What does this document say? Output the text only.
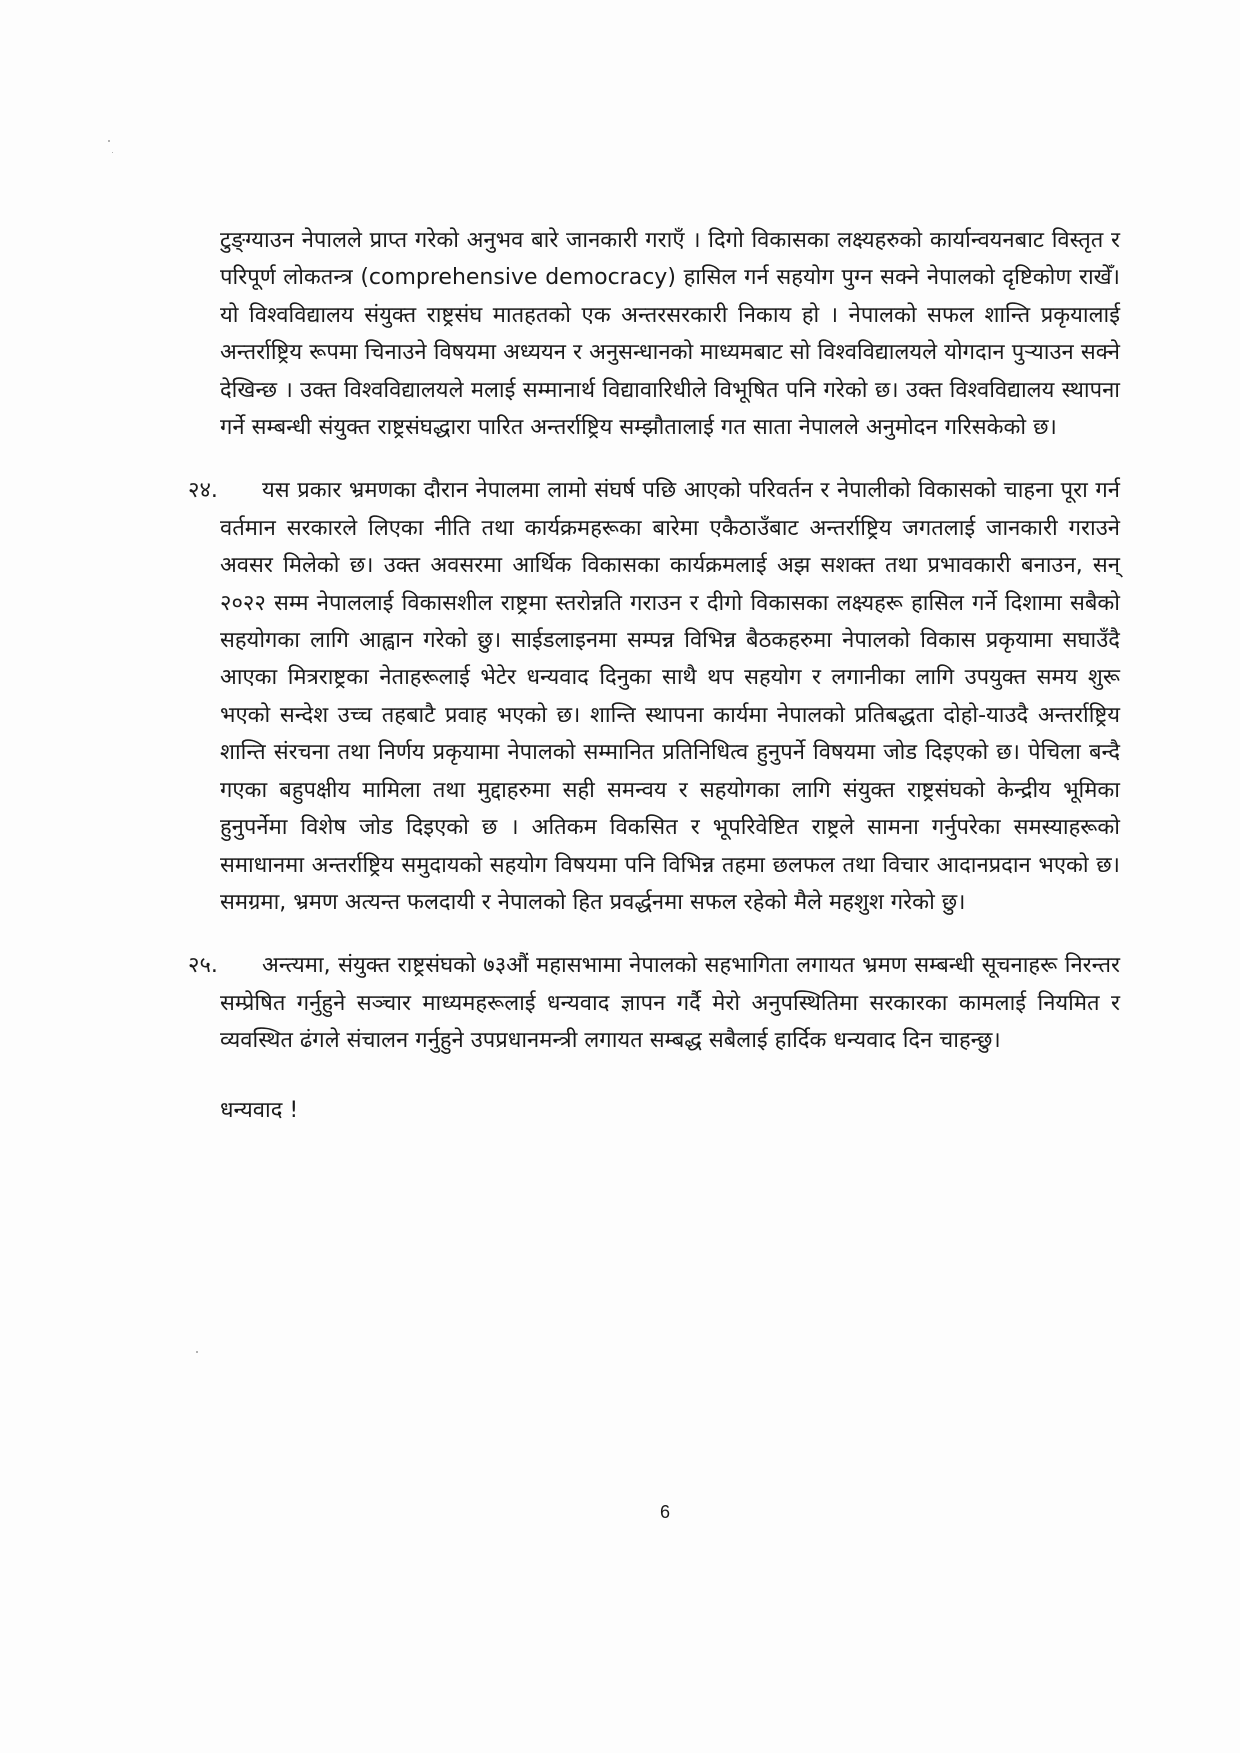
टुङ्ग्याउन नेपालले प्राप्त गरेको अनुभव बारे जानकारी गराएँ । दिगो विकासका लक्ष्यहरुको कार्यान्वयनबाट विस्तृत र परिपूर्ण लोकतन्त्र (comprehensive democracy) हासिल गर्न सहयोग पुग्न सक्ने नेपालको दृष्टिकोण राखेँ। यो विश्वविद्यालय संयुक्त राष्ट्रसंघ मातहतको एक अन्तरसरकारी निकाय हो । नेपालको सफल शान्ति प्रकृयालाई अन्तर्राष्ट्रिय रूपमा चिनाउने विषयमा अध्ययन र अनुसन्धानको माध्यमबाट सो विश्वविद्यालयले योगदान पुऱ्याउन सक्ने देखिन्छ । उक्त विश्वविद्यालयले मलाई सम्मानार्थ विद्यावारिधीले विभूषित पनि गरेको छ। उक्त विश्वविद्यालय स्थापना गर्ने सम्बन्धी संयुक्त राष्ट्रसंघद्धारा पारित अन्तर्राष्ट्रिय सम्झौतालाई गत साता नेपालले अनुमोदन गरिसकेको छ।

२४.	यस प्रकार भ्रमणका दौरान नेपालमा लामो संघर्ष पछि आएको परिवर्तन र नेपालीको विकासको चाहना पूरा गर्न वर्तमान सरकारले लिएका नीति तथा कार्यक्रमहरूका बारेमा एकैठाउँबाट अन्तर्राष्ट्रिय जगतलाई जानकारी गराउने अवसर मिलेको छ। उक्त अवसरमा आर्थिक विकासका कार्यक्रमलाई अझ सशक्त तथा प्रभावकारी बनाउन, सन् २०२२ सम्म नेपाललाई विकासशील राष्ट्रमा स्तरोन्नति गराउन र दीगो विकासका लक्ष्यहरू हासिल गर्ने दिशामा सबैको सहयोगका लागि आह्वान गरेको छु। साईडलाइनमा सम्पन्न विभिन्न बैठकहरुमा नेपालको विकास प्रकृयामा सघाउँदै आएका मित्रराष्ट्रका नेताहरूलाई भेटेर धन्यवाद दिनुका साथै थप सहयोग र लगानीका लागि उपयुक्त समय शुरू भएको सन्देश उच्च तहबाटै प्रवाह भएको छ। शान्ति स्थापना कार्यमा नेपालको प्रतिबद्धता दोहो-याउदै अन्तर्राष्ट्रिय शान्ति संरचना तथा निर्णय प्रकृयामा नेपालको सम्मानित प्रतिनिधित्व हुनुपर्ने विषयमा जोड दिइएको छ। पेचिला बन्दै गएका बहुपक्षीय मामिला तथा मुद्दाहरुमा सही समन्वय र सहयोगका लागि संयुक्त राष्ट्रसंघको केन्द्रीय भूमिका हुनुपर्नेमा विशेष जोड दिइएको छ । अतिकम विकसित र भूपरिवेष्टित राष्ट्रले सामना गर्नुपरेका समस्याहरूको समाधानमा अन्तर्राष्ट्रिय समुदायको सहयोग विषयमा पनि विभिन्न तहमा छलफल तथा विचार आदानप्रदान भएको छ। समग्रमा, भ्रमण अत्यन्त फलदायी र नेपालको हित प्रवर्द्धनमा सफल रहेको मैले महशुश गरेको छु।

२५.	अन्त्यमा, संयुक्त राष्ट्रसंघको ७३औं महासभामा नेपालको सहभागिता लगायत भ्रमण सम्बन्धी सूचनाहरू निरन्तर सम्प्रेषित गर्नुहुने सञ्चार माध्यमहरूलाई धन्यवाद ज्ञापन गर्दै मेरो अनुपस्थितिमा सरकारका कामलाई नियमित र व्यवस्थित ढंगले संचालन गर्नुहुने उपप्रधानमन्त्री लगायत सम्बद्ध सबैलाई हार्दिक धन्यवाद दिन चाहन्छु।

धन्यवाद !
6
